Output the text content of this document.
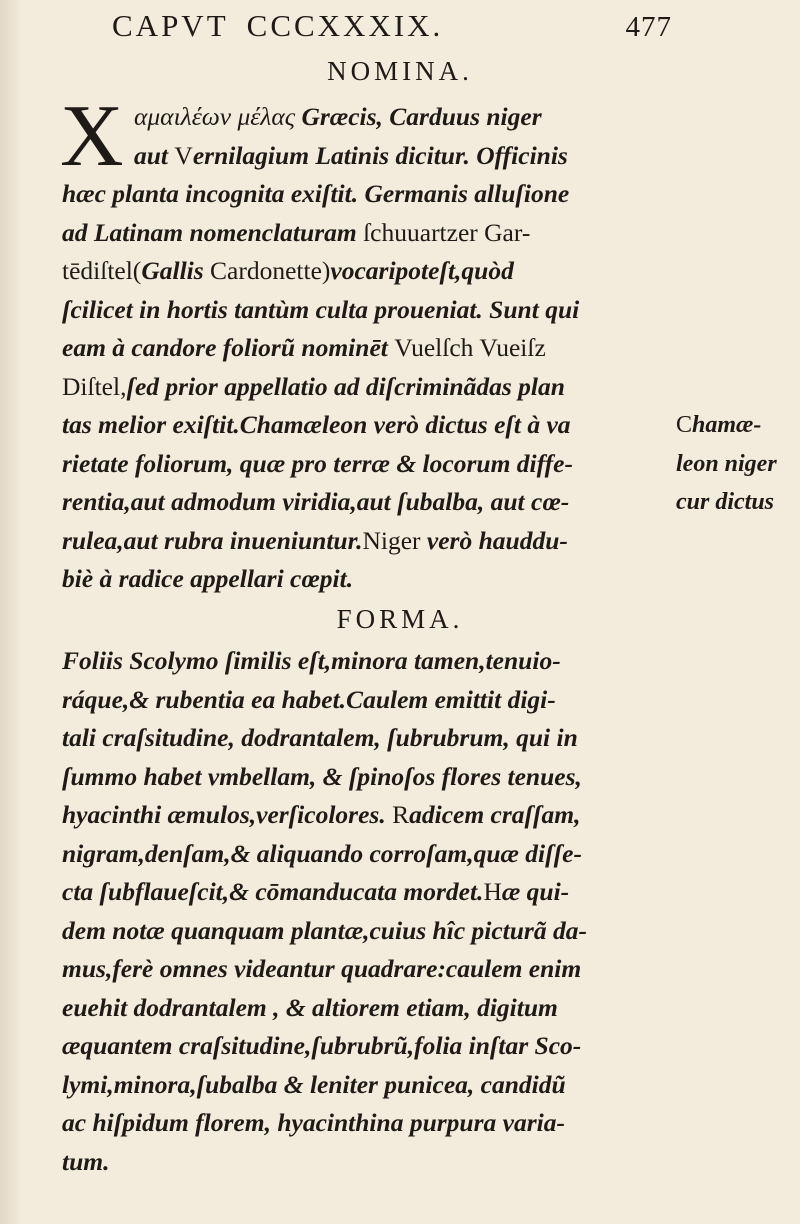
CAPVT CCCXXXIX.	477
NOMINA.
X αμαιλέων μέλας Græcis, Carduus niger
aut Vernilagium Latinis dicitur. Officinis
hæc planta incognita exiſtit. Germanis alluſione
ad Latinam nomenclaturam ſchuuartzer Gar-
tēdiſtel(Gallis Cardonette)vocaripoteſt,quòd
ſcilicet in hortis tantùm culta proueniat. Sunt qui
eam à candore foliorũ nominēt Vuelſch Vueiſz
Diſtel,ſed prior appellatio ad diſcriminãdas plan
tas melior exiſtit.Chamæleon verò dictus eſt à va
rietate foliorum, quæ pro terræ & locorum diffe-
rentia,aut admodum viridia,aut ſubalba, aut cœ-
rulea,aut rubra inueniuntur.Niger verò hauddu-
biè à radice appellari cœpit.
FORMA.
Foliis Scolymo ſimilis eſt,minora tamen,tenuio-
ráque,& rubentia ea habet.Caulem emittit digi-
tali craſsitudine, dodrantalem, ſubrubrum, qui in
ſummo habet vmbellam, & ſpinoſos flores tenues,
hyacinthi æmulos,verſicolores. Radicem craſſam,
nigram,denſam,& aliquando corroſam,quæ diſſe-
cta ſubflaueſcit,& cōmanducata mordet.Hæ qui-
dem notæ quanquam plantæ,cuius hîc picturã da-
mus,ferè omnes videantur quadrare:caulem enim
euehit dodrantalem , & altiorem etiam, digitum
æquantem craſsitudine,ſubrubrũ,folia inſtar Sco-
lymi,minora,ſubalba & leniter punicea, candidũ
ac hiſpidum florem, hyacinthina purpura varia-
tum.
Chamæ-
leon niger
cur dictus
